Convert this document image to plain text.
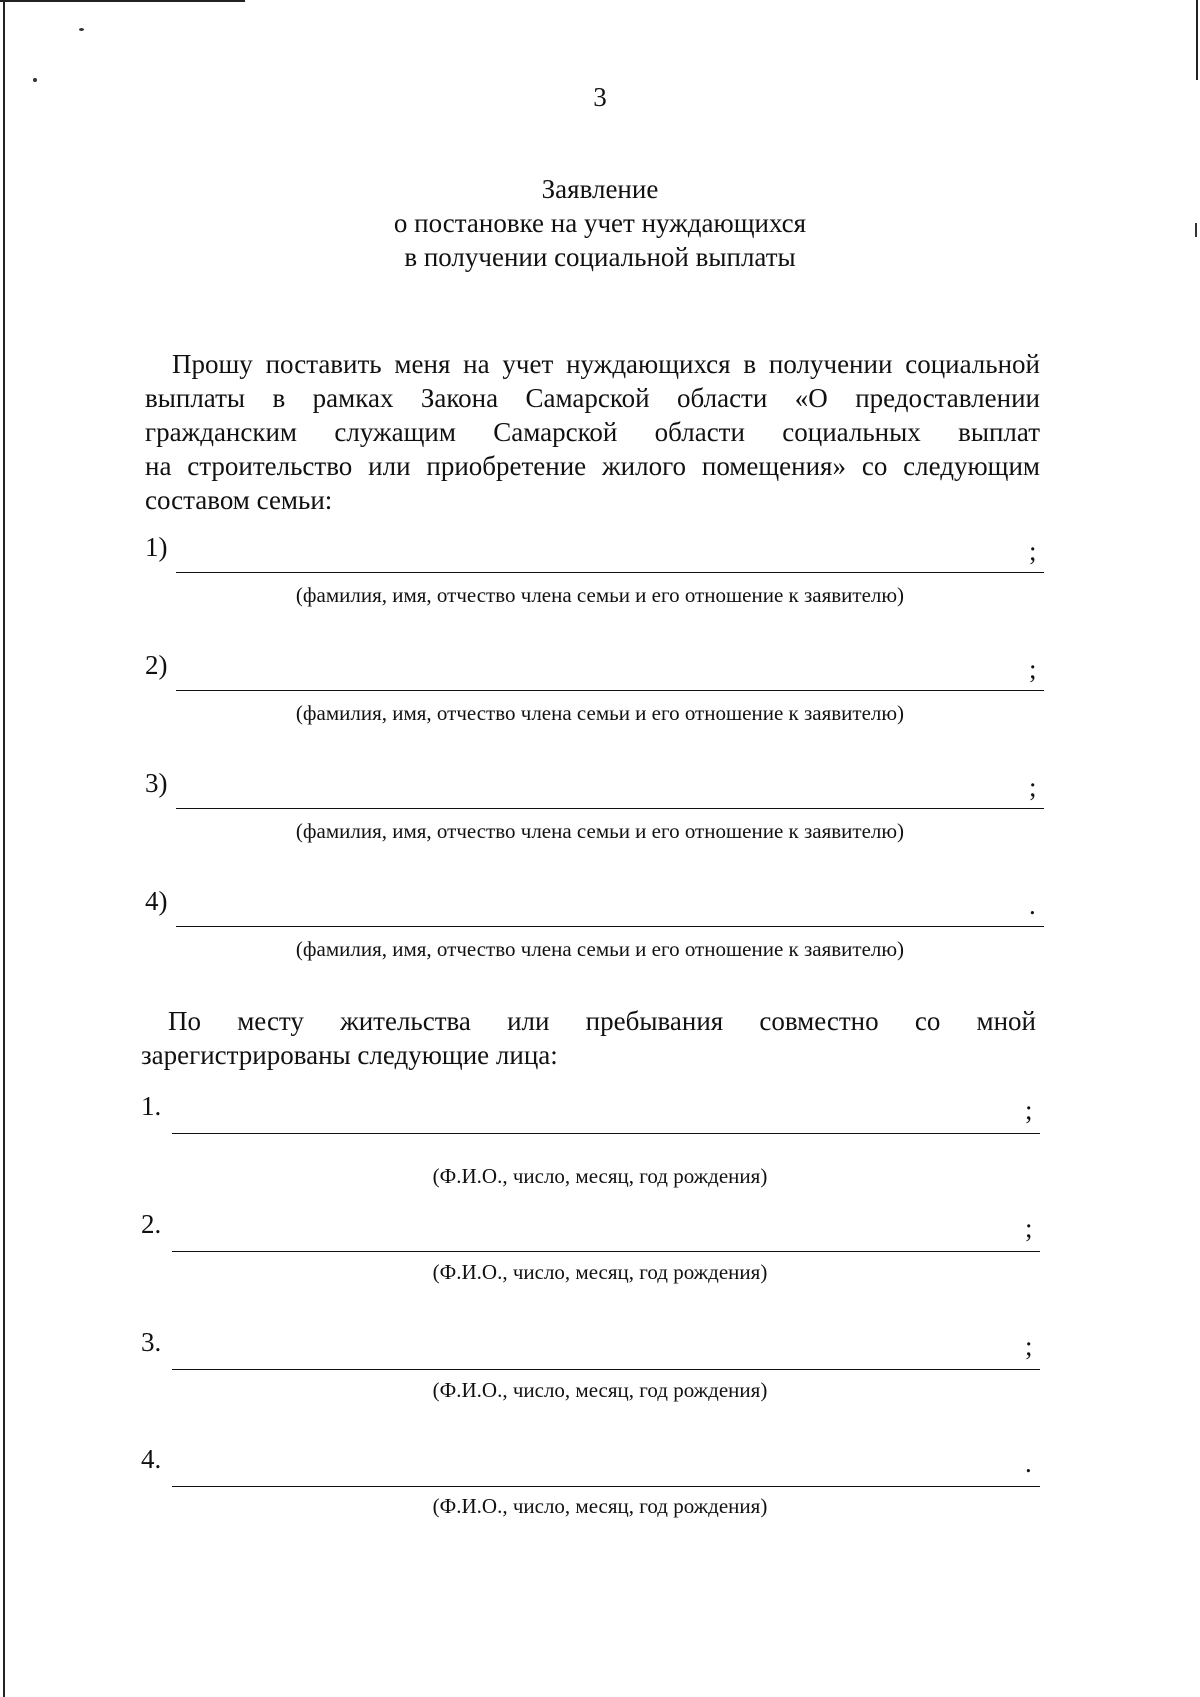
3
Заявление
о постановке на учет нуждающихся
в получении социальной выплаты
Прошу поставить меня на учет нуждающихся в получении социальной
выплаты в рамках Закона Самарской области «О предоставлении
гражданским служащим Самарской области социальных выплат
на строительство или приобретение жилого помещения» со следующим
составом семьи:
1)	;
(фамилия, имя, отчество члена семьи и его отношение к заявителю)
2)	;
(фамилия, имя, отчество члена семьи и его отношение к заявителю)
3)	;
(фамилия, имя, отчество члена семьи и его отношение к заявителю)
4)	.
(фамилия, имя, отчество члена семьи и его отношение к заявителю)
По месту жительства или пребывания совместно со мной
зарегистрированы следующие лица:
1.	;
(Ф.И.О., число, месяц, год рождения)
2.	;
(Ф.И.О., число, месяц, год рождения)
3.	;
(Ф.И.О., число, месяц, год рождения)
4.	.
(Ф.И.О., число, месяц, год рождения)
